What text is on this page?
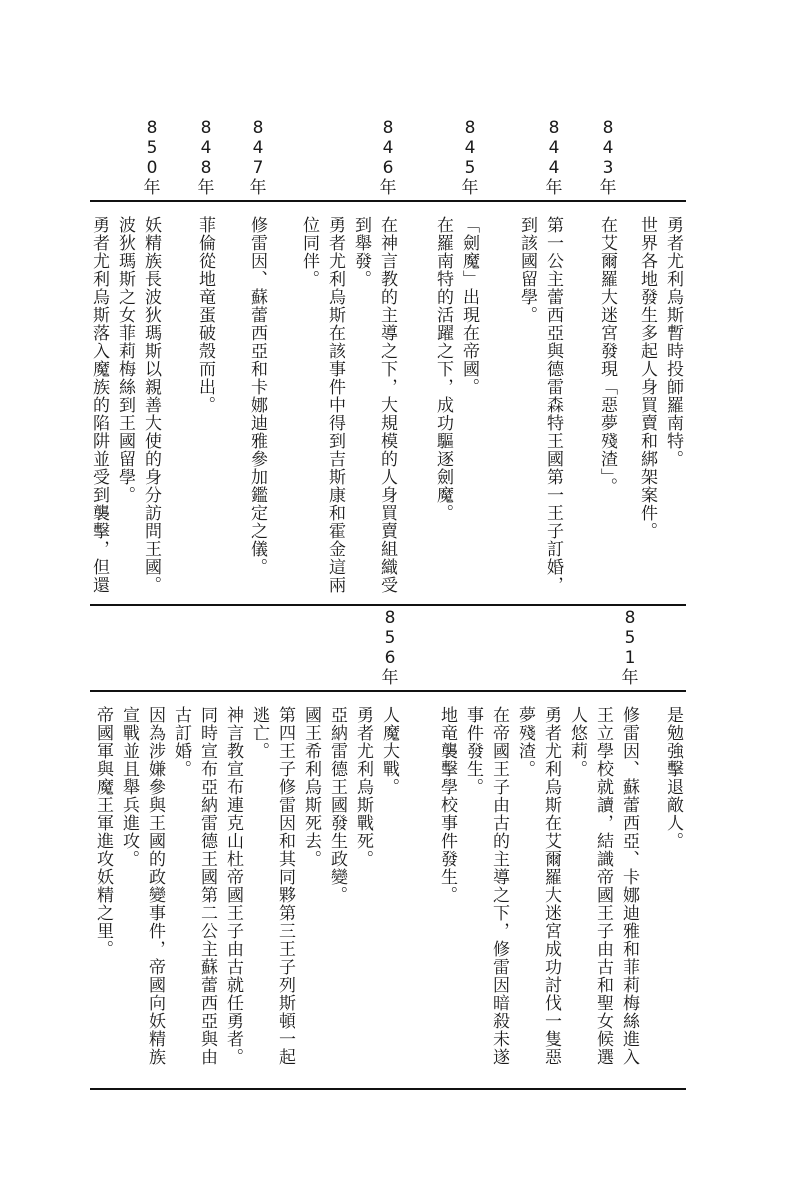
8
4
3
年
8
4
4
年
8
4
5
年
8
4
6
年
8
4
7
年
8
4
8
年
8
5
0
年
勇者尤利烏斯暫時投師羅南特。
世界各地發生多起人身買賣和綁架案件。
在艾爾羅大迷宮發現「惡夢殘渣」。
第一公主蕾西亞與德雷森特王國第一王子訂婚，
到該國留學。
「劍魔」出現在帝國。
在羅南特的活躍之下，成功驅逐劍魔。
在神言教的主導之下，大規模的人身買賣組織受
到舉發。
勇者尤利烏斯在該事件中得到吉斯康和霍金這兩
位同伴。
修雷因、蘇蕾西亞和卡娜迪雅參加鑑定之儀。
菲倫從地竜蛋破殼而出。
妖精族長波狄瑪斯以親善大使的身分訪問王國。
波狄瑪斯之女菲莉梅絲到王國留學。
勇者尤利烏斯落入魔族的陷阱並受到襲擊，但還
8
5
1
年
8
5
6
年
是勉強擊退敵人。
修雷因、蘇蕾西亞、卡娜迪雅和菲莉梅絲進入
王立學校就讀，結識帝國王子由古和聖女候選
人悠莉。
勇者尤利烏斯在艾爾羅大迷宮成功討伐一隻惡
夢殘渣。
在帝國王子由古的主導之下，修雷因暗殺未遂
事件發生。
地竜襲擊學校事件發生。
人魔大戰。
勇者尤利烏斯戰死。
亞納雷德王國發生政變。
國王希利烏斯死去。
第四王子修雷因和其同夥第三王子列斯頓一起
逃亡。
神言教宣布連克山杜帝國王子由古就任勇者。
同時宣布亞納雷德王國第二公主蘇蕾西亞與由
古訂婚。
因為涉嫌參與王國的政變事件，帝國向妖精族
宣戰並且舉兵進攻。
帝國軍與魔王軍進攻妖精之里。
